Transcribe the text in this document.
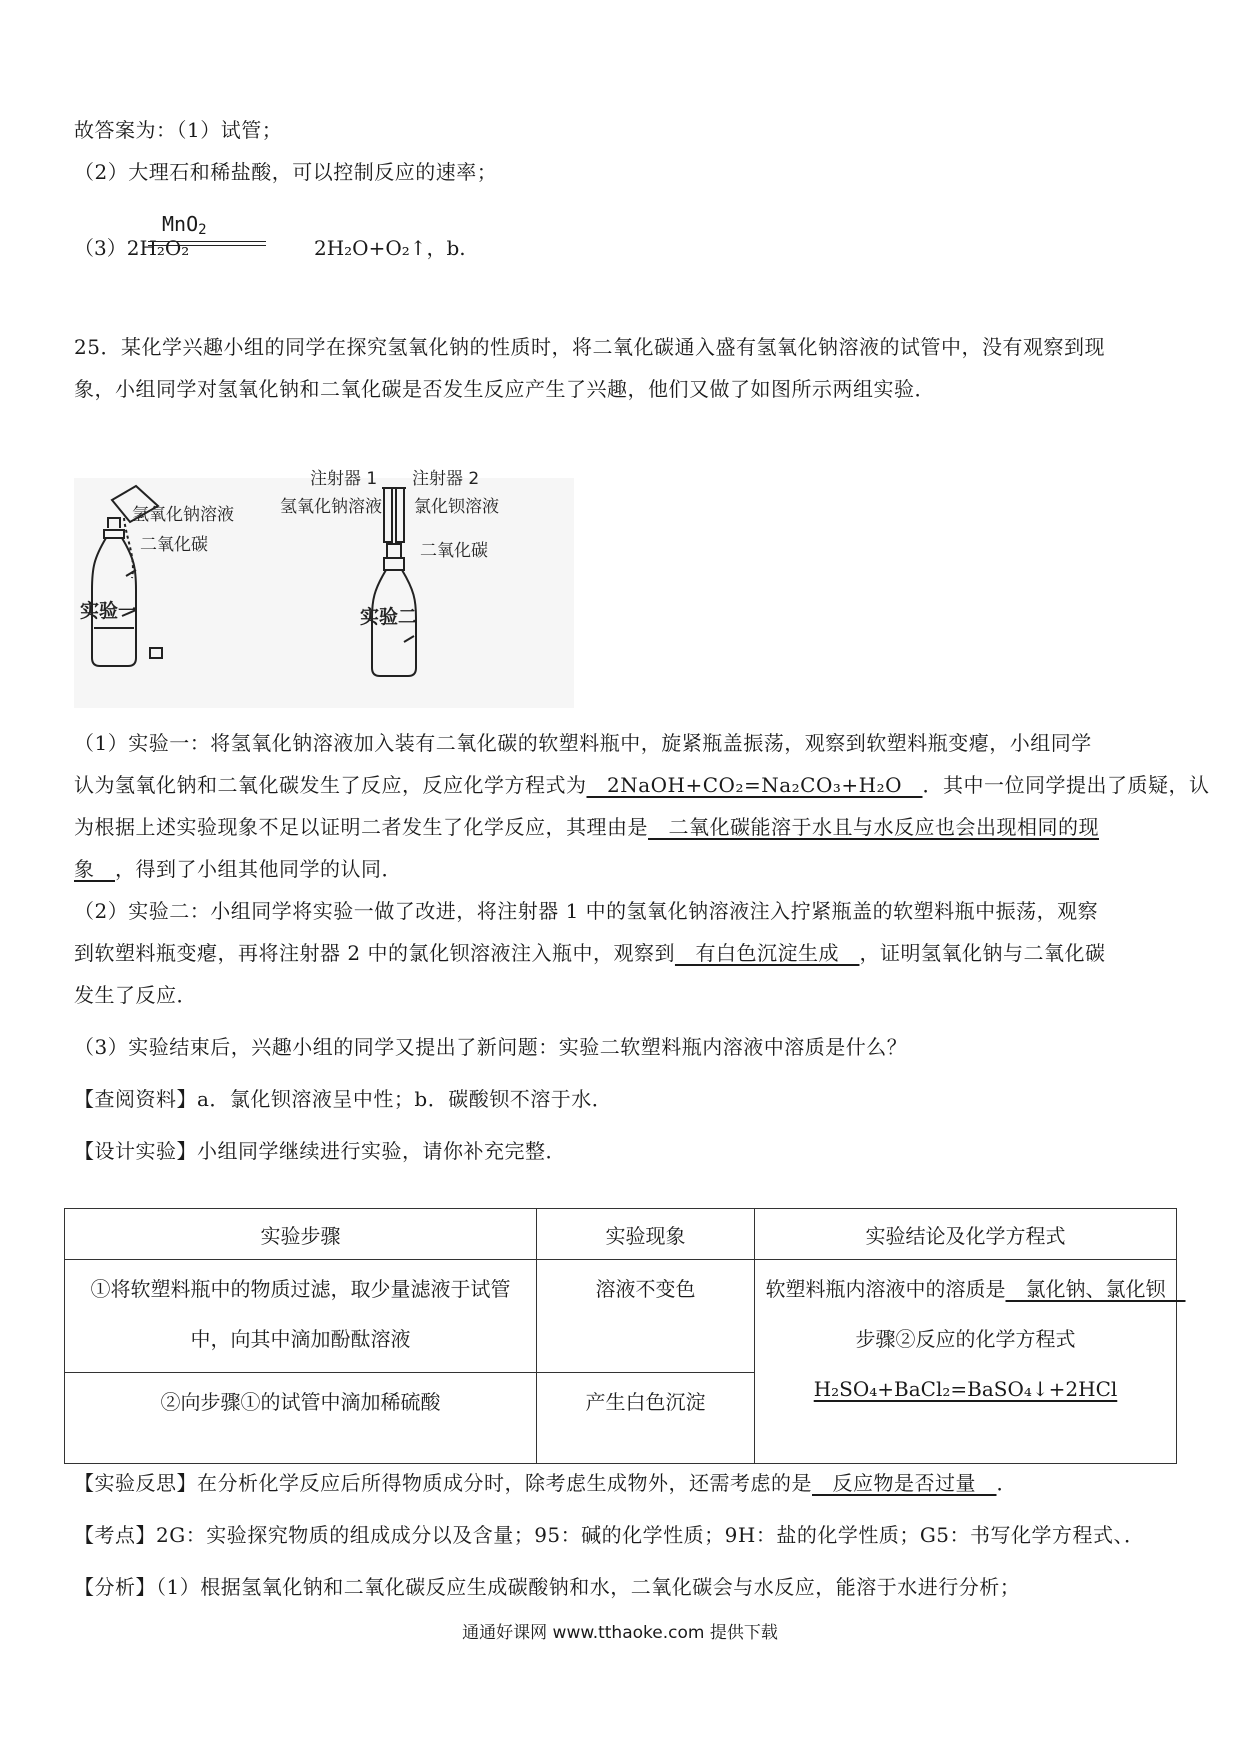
故答案为：（1）试管；
（2）大理石和稀盐酸，可以控制反应的速率；
（3）2H₂O₂	2H₂O+O₂↑，b.
MnO2
25．某化学兴趣小组的同学在探究氢氧化钠的性质时，将二氧化碳通入盛有氢氧化钠溶液的试管中，没有观察到现
象，小组同学对氢氧化钠和二氧化碳是否发生反应产生了兴趣，他们又做了如图所示两组实验．
氢氧化钠溶液
二氧化碳
实验一
注射器 1 注射器 2
氢氧化钠溶液 氯化钡溶液
二氧化碳
实验二
（1）实验一：将氢氧化钠溶液加入装有二氧化碳的软塑料瓶中，旋紧瓶盖振荡，观察到软塑料瓶变瘪，小组同学
认为氢氧化钠和二氧化碳发生了反应，反应化学方程式为　2NaOH+CO₂=Na₂CO₃+H₂O　．其中一位同学提出了质疑，认
为根据上述实验现象不足以证明二者发生了化学反应，其理由是　二氧化碳能溶于水且与水反应也会出现相同的现
象　，得到了小组其他同学的认同．
（2）实验二：小组同学将实验一做了改进，将注射器 1 中的氢氧化钠溶液注入拧紧瓶盖的软塑料瓶中振荡，观察
到软塑料瓶变瘪，再将注射器 2 中的氯化钡溶液注入瓶中，观察到　有白色沉淀生成　，证明氢氧化钠与二氧化碳
发生了反应．
（3）实验结束后，兴趣小组的同学又提出了新问题：实验二软塑料瓶内溶液中溶质是什么？
【查阅资料】a．氯化钡溶液呈中性；b．碳酸钡不溶于水．
【设计实验】小组同学继续进行实验，请你补充完整．
实验步骤	实验现象	实验结论及化学方程式
①将软塑料瓶中的物质过滤，取少量滤液于试管中，向其中滴加酚酞溶液	溶液不变色	软塑料瓶内溶液中的溶质是　氯化钠、氯化钡　
步骤②反应的化学方程式
H₂SO₄+BaCl₂=BaSO₄↓+2HCl
②向步骤①的试管中滴加稀硫酸	产生白色沉淀	
【实验反思】在分析化学反应后所得物质成分时，除考虑生成物外，还需考虑的是　反应物是否过量　．
【考点】2G：实验探究物质的组成成分以及含量；95：碱的化学性质；9H：盐的化学性质；G5：书写化学方程式、．
【分析】（1）根据氢氧化钠和二氧化碳反应生成碳酸钠和水，二氧化碳会与水反应，能溶于水进行分析；
通通好课网 www.tthaoke.com 提供下载
